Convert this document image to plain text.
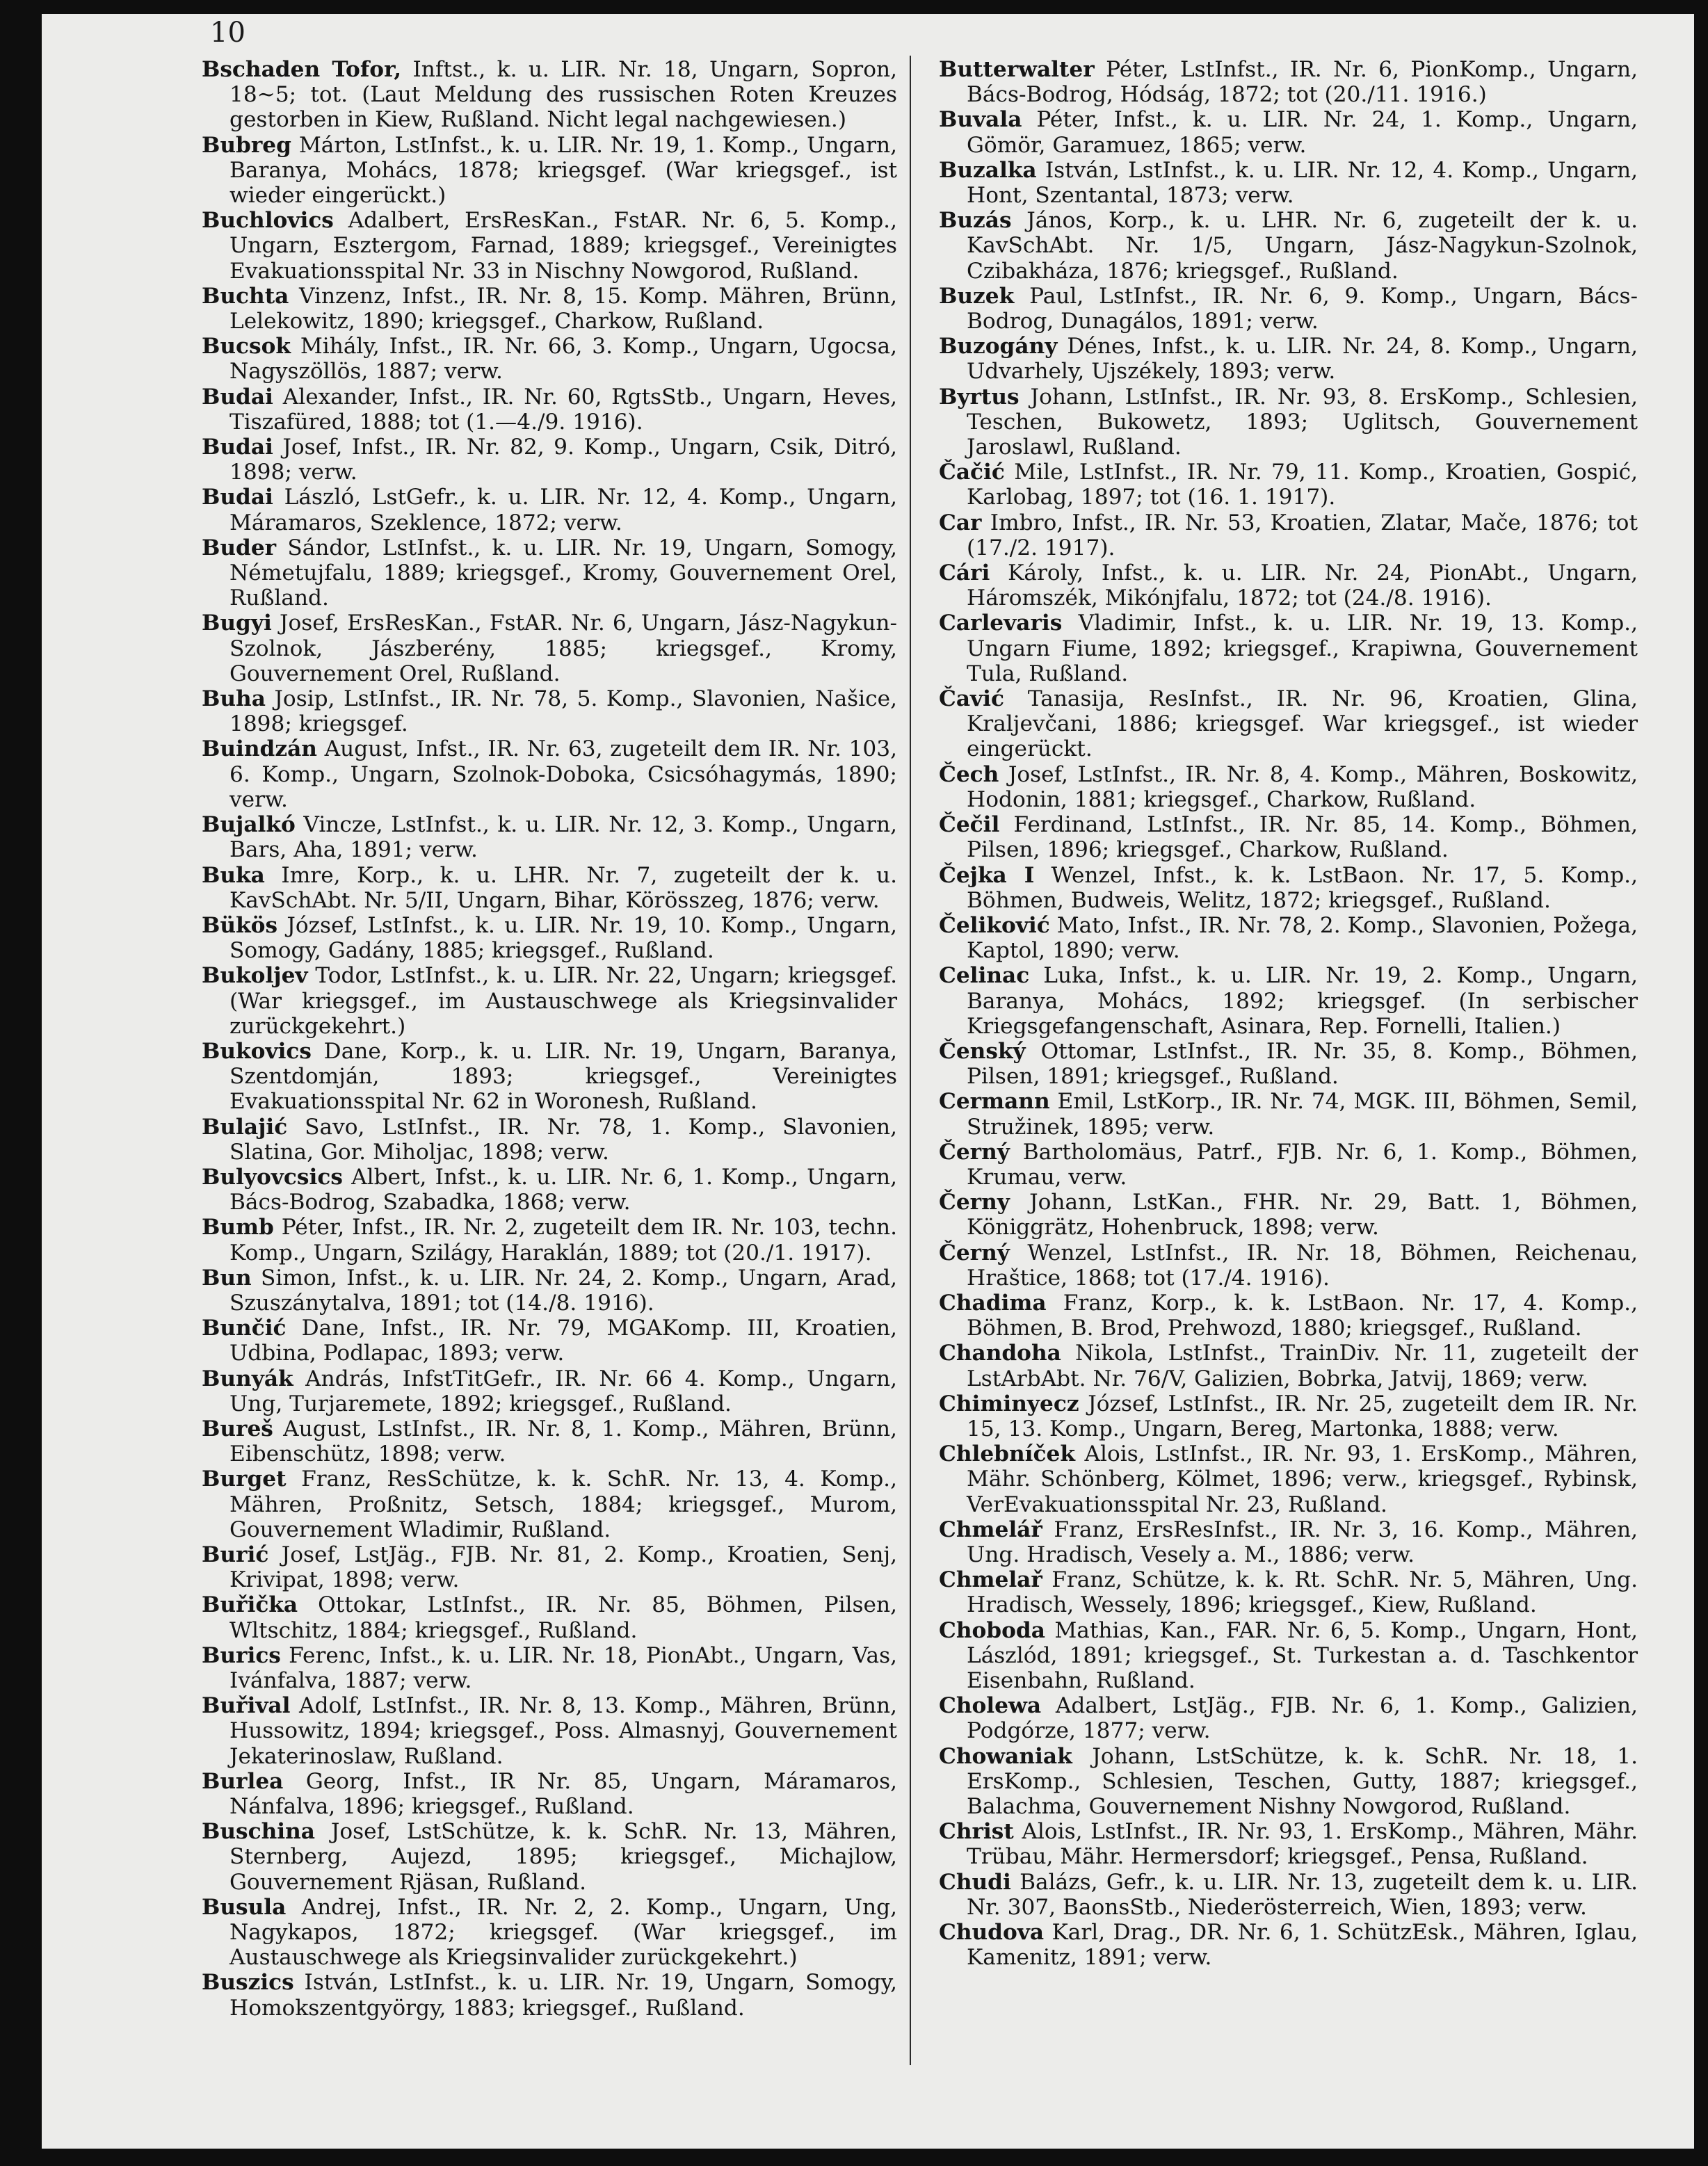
10
Bschaden Tofor, Inftst., k. u. LIR. Nr. 18, Ungarn, Sopron, 18~5; tot. (Laut Meldung des russischen Roten Kreuzes gestorben in Kiew, Rußland. Nicht legal nachgewiesen.)
Bubreg Márton, LstInfst., k. u. LIR. Nr. 19, 1. Komp., Ungarn, Baranya, Mohács, 1878; kriegsgef. (War kriegsgef., ist wieder eingerückt.)
Buchlovics Adalbert, ErsResKan., FstAR. Nr. 6, 5. Komp., Ungarn, Esztergom, Farnad, 1889; kriegsgef., Vereinigtes Evakuationsspital Nr. 33 in Nischny Nowgorod, Rußland.
Buchta Vinzenz, Infst., IR. Nr. 8, 15. Komp. Mähren, Brünn, Lelekowitz, 1890; kriegsgef., Charkow, Rußland.
Bucsok Mihály, Infst., IR. Nr. 66, 3. Komp., Ungarn, Ugocsa, Nagyszöllös, 1887; verw.
Budai Alexander, Infst., IR. Nr. 60, RgtsStb., Ungarn, Heves, Tiszafüred, 1888; tot (1.—4./9. 1916).
Budai Josef, Infst., IR. Nr. 82, 9. Komp., Ungarn, Csik, Ditró, 1898; verw.
Budai László, LstGefr., k. u. LIR. Nr. 12, 4. Komp., Ungarn, Máramaros, Szeklence, 1872; verw.
Buder Sándor, LstInfst., k. u. LIR. Nr. 19, Ungarn, Somogy, Németujfalu, 1889; kriegsgef., Kromy, Gouvernement Orel, Rußland.
Bugyi Josef, ErsResKan., FstAR. Nr. 6, Ungarn, Jász-Nagykun-Szolnok, Jászberény, 1885; kriegsgef., Kromy, Gouvernement Orel, Rußland.
Buha Josip, LstInfst., IR. Nr. 78, 5. Komp., Slavonien, Našice, 1898; kriegsgef.
Buindzán August, Infst., IR. Nr. 63, zugeteilt dem IR. Nr. 103, 6. Komp., Ungarn, Szolnok-Doboka, Csicsóhagymás, 1890; verw.
Bujalkó Vincze, LstInfst., k. u. LIR. Nr. 12, 3. Komp., Ungarn, Bars, Aha, 1891; verw.
Buka Imre, Korp., k. u. LHR. Nr. 7, zugeteilt der k. u. KavSchAbt. Nr. 5/II, Ungarn, Bihar, Körösszeg, 1876; verw.
Bükös József, LstInfst., k. u. LIR. Nr. 19, 10. Komp., Ungarn, Somogy, Gadány, 1885; kriegsgef., Rußland.
Bukoljev Todor, LstInfst., k. u. LIR. Nr. 22, Ungarn; kriegsgef. (War kriegsgef., im Austauschwege als Kriegsinvalider zurückgekehrt.)
Bukovics Dane, Korp., k. u. LIR. Nr. 19, Ungarn, Baranya, Szentdomján, 1893; kriegsgef., Vereinigtes Evakuationsspital Nr. 62 in Woronesh, Rußland.
Bulajić Savo, LstInfst., IR. Nr. 78, 1. Komp., Slavonien, Slatina, Gor. Miholjac, 1898; verw.
Bulyovcsics Albert, Infst., k. u. LIR. Nr. 6, 1. Komp., Ungarn, Bács-Bodrog, Szabadka, 1868; verw.
Bumb Péter, Infst., IR. Nr. 2, zugeteilt dem IR. Nr. 103, techn. Komp., Ungarn, Szilágy, Haraklán, 1889; tot (20./1. 1917).
Bun Simon, Infst., k. u. LIR. Nr. 24, 2. Komp., Ungarn, Arad, Szuszánytalva, 1891; tot (14./8. 1916).
Bunčić Dane, Infst., IR. Nr. 79, MGAKomp. III, Kroatien, Udbina, Podlapac, 1893; verw.
Bunyák András, InfstTitGefr., IR. Nr. 66 4. Komp., Ungarn, Ung, Turjaremete, 1892; kriegsgef., Rußland.
Bureš August, LstInfst., IR. Nr. 8, 1. Komp., Mähren, Brünn, Eibenschütz, 1898; verw.
Burget Franz, ResSchütze, k. k. SchR. Nr. 13, 4. Komp., Mähren, Proßnitz, Setsch, 1884; kriegsgef., Murom, Gouvernement Wladimir, Rußland.
Burić Josef, LstJäg., FJB. Nr. 81, 2. Komp., Kroatien, Senj, Krivipat, 1898; verw.
Buřička Ottokar, LstInfst., IR. Nr. 85, Böhmen, Pilsen, Wltschitz, 1884; kriegsgef., Rußland.
Burics Ferenc, Infst., k. u. LIR. Nr. 18, PionAbt., Ungarn, Vas, Ivánfalva, 1887; verw.
Buřival Adolf, LstInfst., IR. Nr. 8, 13. Komp., Mähren, Brünn, Hussowitz, 1894; kriegsgef., Poss. Almasnyj, Gouvernement Jekaterinoslaw, Rußland.
Burlea Georg, Infst., IR Nr. 85, Ungarn, Máramaros, Nánfalva, 1896; kriegsgef., Rußland.
Buschina Josef, LstSchütze, k. k. SchR. Nr. 13, Mähren, Sternberg, Aujezd, 1895; kriegsgef., Michajlow, Gouvernement Rjäsan, Rußland.
Busula Andrej, Infst., IR. Nr. 2, 2. Komp., Ungarn, Ung, Nagykapos, 1872; kriegsgef. (War kriegsgef., im Austauschwege als Kriegsinvalider zurückgekehrt.)
Buszics István, LstInfst., k. u. LIR. Nr. 19, Ungarn, Somogy, Homokszentgyörgy, 1883; kriegsgef., Rußland.
Butterwalter Péter, LstInfst., IR. Nr. 6, PionKomp., Ungarn, Bács-Bodrog, Hódság, 1872; tot (20./11. 1916.)
Buvala Péter, Infst., k. u. LIR. Nr. 24, 1. Komp., Ungarn, Gömör, Garamuez, 1865; verw.
Buzalka István, LstInfst., k. u. LIR. Nr. 12, 4. Komp., Ungarn, Hont, Szentantal, 1873; verw.
Buzás János, Korp., k. u. LHR. Nr. 6, zugeteilt der k. u. KavSchAbt. Nr. 1/5, Ungarn, Jász-Nagykun-Szolnok, Czibakháza, 1876; kriegsgef., Rußland.
Buzek Paul, LstInfst., IR. Nr. 6, 9. Komp., Ungarn, Bács-Bodrog, Dunagálos, 1891; verw.
Buzogány Dénes, Infst., k. u. LIR. Nr. 24, 8. Komp., Ungarn, Udvarhely, Ujszékely, 1893; verw.
Byrtus Johann, LstInfst., IR. Nr. 93, 8. ErsKomp., Schlesien, Teschen, Bukowetz, 1893; Uglitsch, Gouvernement Jaroslawl, Rußland.
Čačić Mile, LstInfst., IR. Nr. 79, 11. Komp., Kroatien, Gospić, Karlobag, 1897; tot (16. 1. 1917).
Car Imbro, Infst., IR. Nr. 53, Kroatien, Zlatar, Mače, 1876; tot (17./2. 1917).
Cári Károly, Infst., k. u. LIR. Nr. 24, PionAbt., Ungarn, Háromszék, Mikónjfalu, 1872; tot (24./8. 1916).
Carlevaris Vladimir, Infst., k. u. LIR. Nr. 19, 13. Komp., Ungarn Fiume, 1892; kriegsgef., Krapiwna, Gouvernement Tula, Rußland.
Čavić Tanasija, ResInfst., IR. Nr. 96, Kroatien, Glina, Kraljevčani, 1886; kriegsgef. War kriegsgef., ist wieder eingerückt.
Čech Josef, LstInfst., IR. Nr. 8, 4. Komp., Mähren, Boskowitz, Hodonin, 1881; kriegsgef., Charkow, Rußland.
Čečil Ferdinand, LstInfst., IR. Nr. 85, 14. Komp., Böhmen, Pilsen, 1896; kriegsgef., Charkow, Rußland.
Čejka I Wenzel, Infst., k. k. LstBaon. Nr. 17, 5. Komp., Böhmen, Budweis, Welitz, 1872; kriegsgef., Rußland.
Čeliković Mato, Infst., IR. Nr. 78, 2. Komp., Slavonien, Požega, Kaptol, 1890; verw.
Celinac Luka, Infst., k. u. LIR. Nr. 19, 2. Komp., Ungarn, Baranya, Mohács, 1892; kriegsgef. (In serbischer Kriegsgefangenschaft, Asinara, Rep. Fornelli, Italien.)
Čenský Ottomar, LstInfst., IR. Nr. 35, 8. Komp., Böhmen, Pilsen, 1891; kriegsgef., Rußland.
Cermann Emil, LstKorp., IR. Nr. 74, MGK. III, Böhmen, Semil, Stružinek, 1895; verw.
Černý Bartholomäus, Patrf., FJB. Nr. 6, 1. Komp., Böhmen, Krumau, verw.
Černy Johann, LstKan., FHR. Nr. 29, Batt. 1, Böhmen, Königgrätz, Hohenbruck, 1898; verw.
Černý Wenzel, LstInfst., IR. Nr. 18, Böhmen, Reichenau, Hraštice, 1868; tot (17./4. 1916).
Chadima Franz, Korp., k. k. LstBaon. Nr. 17, 4. Komp., Böhmen, B. Brod, Prehwozd, 1880; kriegsgef., Rußland.
Chandoha Nikola, LstInfst., TrainDiv. Nr. 11, zugeteilt der LstArbAbt. Nr. 76/V, Galizien, Bobrka, Jatvij, 1869; verw.
Chiminyecz József, LstInfst., IR. Nr. 25, zugeteilt dem IR. Nr. 15, 13. Komp., Ungarn, Bereg, Martonka, 1888; verw.
Chlebníček Alois, LstInfst., IR. Nr. 93, 1. ErsKomp., Mähren, Mähr. Schönberg, Kölmet, 1896; verw., kriegsgef., Rybinsk, VerEvakuationsspital Nr. 23, Rußland.
Chmelář Franz, ErsResInfst., IR. Nr. 3, 16. Komp., Mähren, Ung. Hradisch, Vesely a. M., 1886; verw.
Chmelař Franz, Schütze, k. k. Rt. SchR. Nr. 5, Mähren, Ung. Hradisch, Wessely, 1896; kriegsgef., Kiew, Rußland.
Choboda Mathias, Kan., FAR. Nr. 6, 5. Komp., Ungarn, Hont, Lászlód, 1891; kriegsgef., St. Turkestan a. d. Taschkentor Eisenbahn, Rußland.
Cholewa Adalbert, LstJäg., FJB. Nr. 6, 1. Komp., Galizien, Podgórze, 1877; verw.
Chowaniak Johann, LstSchütze, k. k. SchR. Nr. 18, 1. ErsKomp., Schlesien, Teschen, Gutty, 1887; kriegsgef., Balachma, Gouvernement Nishny Nowgorod, Rußland.
Christ Alois, LstInfst., IR. Nr. 93, 1. ErsKomp., Mähren, Mähr. Trübau, Mähr. Hermersdorf; kriegsgef., Pensa, Rußland.
Chudi Balázs, Gefr., k. u. LIR. Nr. 13, zugeteilt dem k. u. LIR. Nr. 307, BaonsStb., Niederösterreich, Wien, 1893; verw.
Chudova Karl, Drag., DR. Nr. 6, 1. SchützEsk., Mähren, Iglau, Kamenitz, 1891; verw.
